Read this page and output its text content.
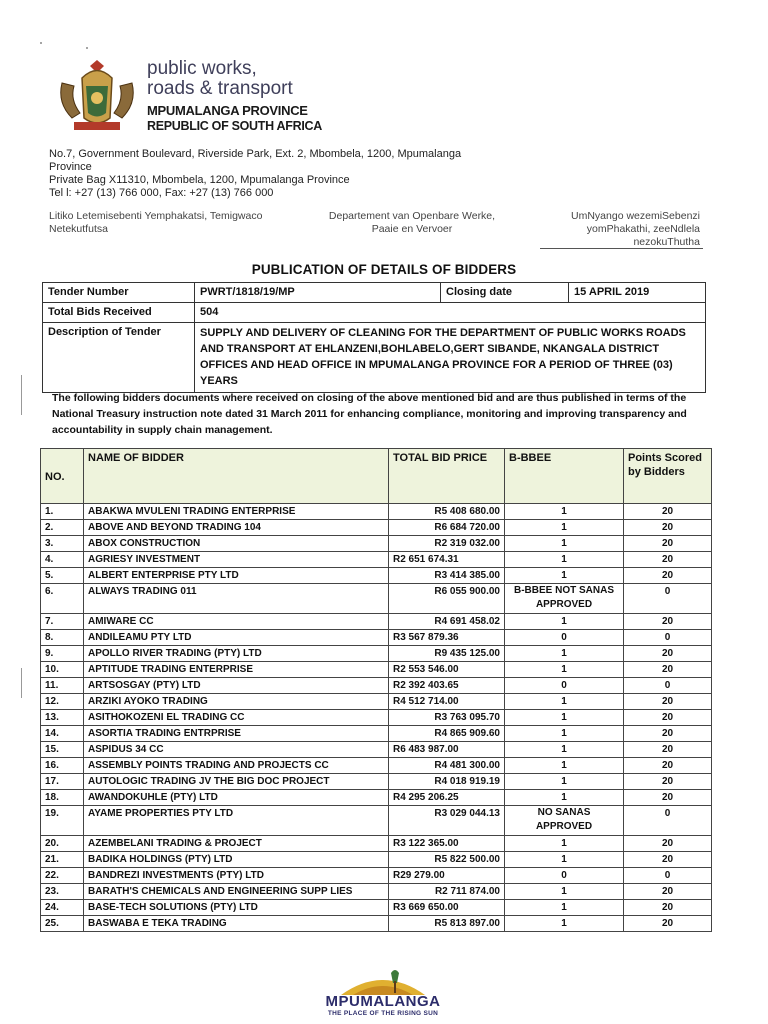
public works,
roads & transport
MPUMALANGA PROVINCE
REPUBLIC OF SOUTH AFRICA
No.7, Government Boulevard, Riverside Park, Ext. 2, Mbombela, 1200, Mpumalanga
Province
Private Bag X11310, Mbombela, 1200, Mpumalanga Province
Tel l: +27 (13) 766 000, Fax: +27 (13) 766 000
Litiko Letemisebenti Yemphakatsi, Temigwaco
Netekutfutsa
Departement van Openbare Werke,
Paaie en Vervoer
UmNyango wezemiSebenzi
yomPhakathi, zeeNdlela
nezokuThutha
PUBLICATION OF DETAILS OF BIDDERS
Tender Number	PWRT/1818/19/MP	Closing date	15 APRIL 2019
Total Bids Received	504		
Description of Tender	SUPPLY AND DELIVERY OF CLEANING FOR THE DEPARTMENT OF PUBLIC WORKS ROADS AND TRANSPORT AT EHLANZENI,BOHLABELO,GERT SIBANDE, NKANGALA DISTRICT OFFICES AND HEAD OFFICE IN MPUMALANGA PROVINCE FOR A PERIOD OF THREE (03) YEARS		
The following bidders documents where received on closing of the above mentioned bid and are thus published in terms of the National Treasury instruction note dated 31 March 2011 for enhancing compliance, monitoring and improving transparency and accountability in supply chain management.
NO.	NAME OF BIDDER	TOTAL BID PRICE	B-BBEE	Points Scored by Bidders
1.	ABAKWA MVULENI TRADING ENTERPRISE	R5 408 680.00	1	20
2.	ABOVE AND BEYOND TRADING 104	R6 684 720.00	1	20
3.	ABOX CONSTRUCTION	R2 319 032.00	1	20
4.	AGRIESY INVESTMENT	R2 651 674.31	1	20
5.	ALBERT ENTERPRISE PTY LTD	R3 414 385.00	1	20
6.	ALWAYS TRADING 011	R6 055 900.00	B-BBEE NOT SANAS APPROVED	0
7.	AMIWARE CC	R4 691 458.02	1	20
8.	ANDILEAMU PTY LTD	R3 567 879.36	0	0
9.	APOLLO RIVER TRADING (PTY) LTD	R9 435 125.00	1	20
10.	APTITUDE TRADING ENTERPRISE	R2 553 546.00	1	20
11.	ARTSOSGAY (PTY) LTD	R2 392 403.65	0	0
12.	ARZIKI AYOKO TRADING	R4 512 714.00	1	20
13.	ASITHOKOZENI EL TRADING CC	R3 763 095.70	1	20
14.	ASORTIA TRADING ENTRPRISE	R4 865 909.60	1	20
15.	ASPIDUS 34 CC	R6 483 987.00	1	20
16.	ASSEMBLY POINTS TRADING AND PROJECTS CC	R4 481 300.00	1	20
17.	AUTOLOGIC TRADING JV THE BIG DOC PROJECT	R4 018 919.19	1	20
18.	AWANDOKUHLE (PTY) LTD	R4 295 206.25	1	20
19.	AYAME PROPERTIES PTY LTD	R3 029 044.13	NO SANAS APPROVED	0
20.	AZEMBELANI TRADING & PROJECT	R3 122 365.00	1	20
21.	BADIKA HOLDINGS (PTY) LTD	R5 822 500.00	1	20
22.	BANDREZI INVESTMENTS (PTY) LTD	R29 279.00	0	0
23.	BARATH'S CHEMICALS AND ENGINEERING SUPP LIES	R2 711 874.00	1	20
24.	BASE-TECH SOLUTIONS (PTY) LTD	R3 669 650.00	1	20
25.	BASWABA E TEKA TRADING	R5 813 897.00	1	20
MPUMALANGA
THE PLACE OF THE RISING SUN
